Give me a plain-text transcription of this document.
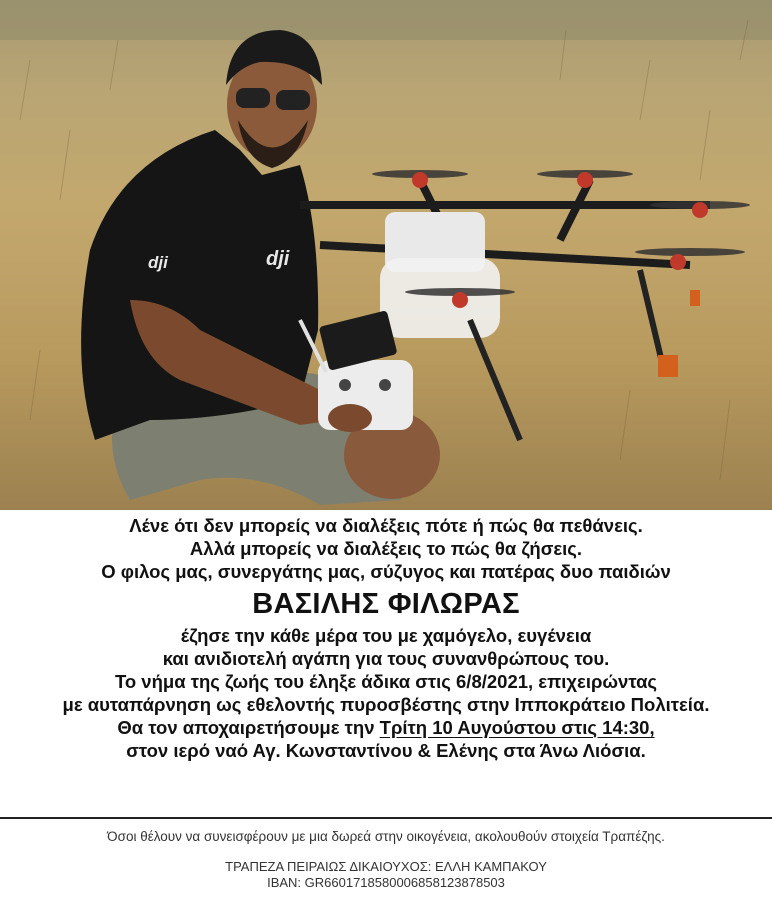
dji	dji
Λένε ότι δεν μπορείς να διαλέξεις πότε ή πώς θα πεθάνεις.
Αλλά μπορείς να διαλέξεις το πώς θα ζήσεις.
Ο φιλος μας, συνεργάτης μας, σύζυγος και πατέρας δυο παιδιών
ΒΑΣΙΛΗΣ ΦΙΛΩΡΑΣ
έζησε την κάθε μέρα του με χαμόγελο, ευγένεια
και ανιδιοτελή αγάπη για τους συνανθρώπους του.
Το νήμα της ζωής του έληξε άδικα στις 6/8/2021, επιχειρώντας
με αυταπάρνηση ως εθελοντής πυροσβέστης στην Ιπποκράτειο Πολιτεία.
Θα τον αποχαιρετήσουμε την Τρίτη 10 Αυγούστου στις 14:30,
στον ιερό ναό Αγ. Κωνσταντίνου & Ελένης στα Άνω Λιόσια.
Όσοι θέλουν να συνεισφέρουν με μια δωρεά στην οικογένεια, ακολουθούν στοιχεία Τραπέζης.
ΤΡΑΠΕΖΑ ΠΕΙΡΑΙΩΣ ΔΙΚΑΙΟΥΧΟΣ: ΕΛΛΗ ΚΑΜΠΑΚΟΥ
IBAN: GR6601718580006858123878503
